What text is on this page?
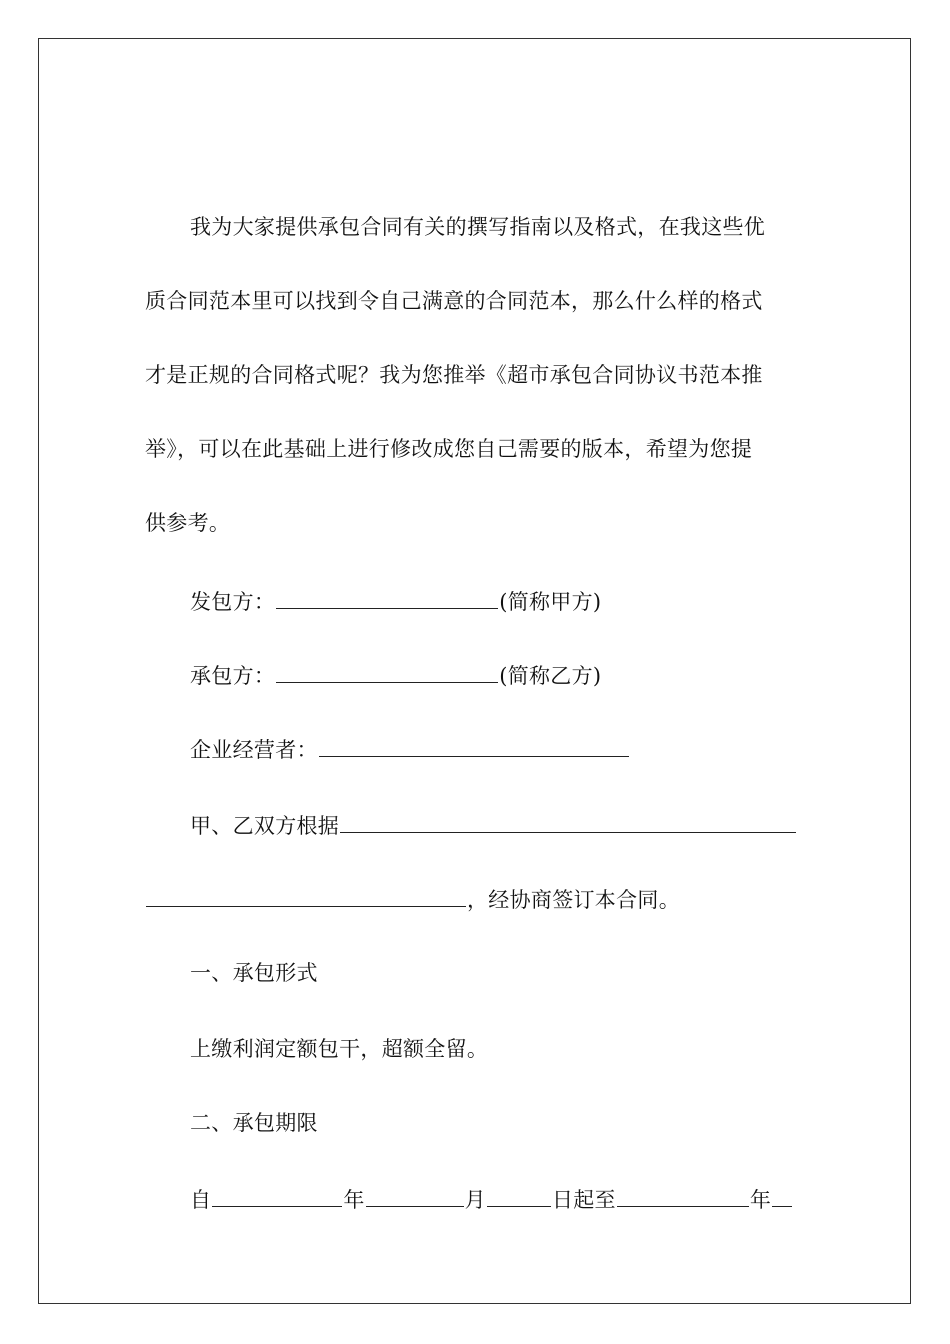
我为大家提供承包合同有关的撰写指南以及格式，在我这些优
质合同范本里可以找到令自己满意的合同范本，那么什么样的格式
才是正规的合同格式呢？我为您推举《超市承包合同协议书范本推
举》，可以在此基础上进行修改成您自己需要的版本，希望为您提
供参考。
发包方：	(简称甲方)
承包方：	(简称乙方)
企业经营者：
甲、乙双方根据
，经协商签订本合同。
一、承包形式
上缴利润定额包干，超额全留。
二、承包期限
自	年	月	日起至	年
